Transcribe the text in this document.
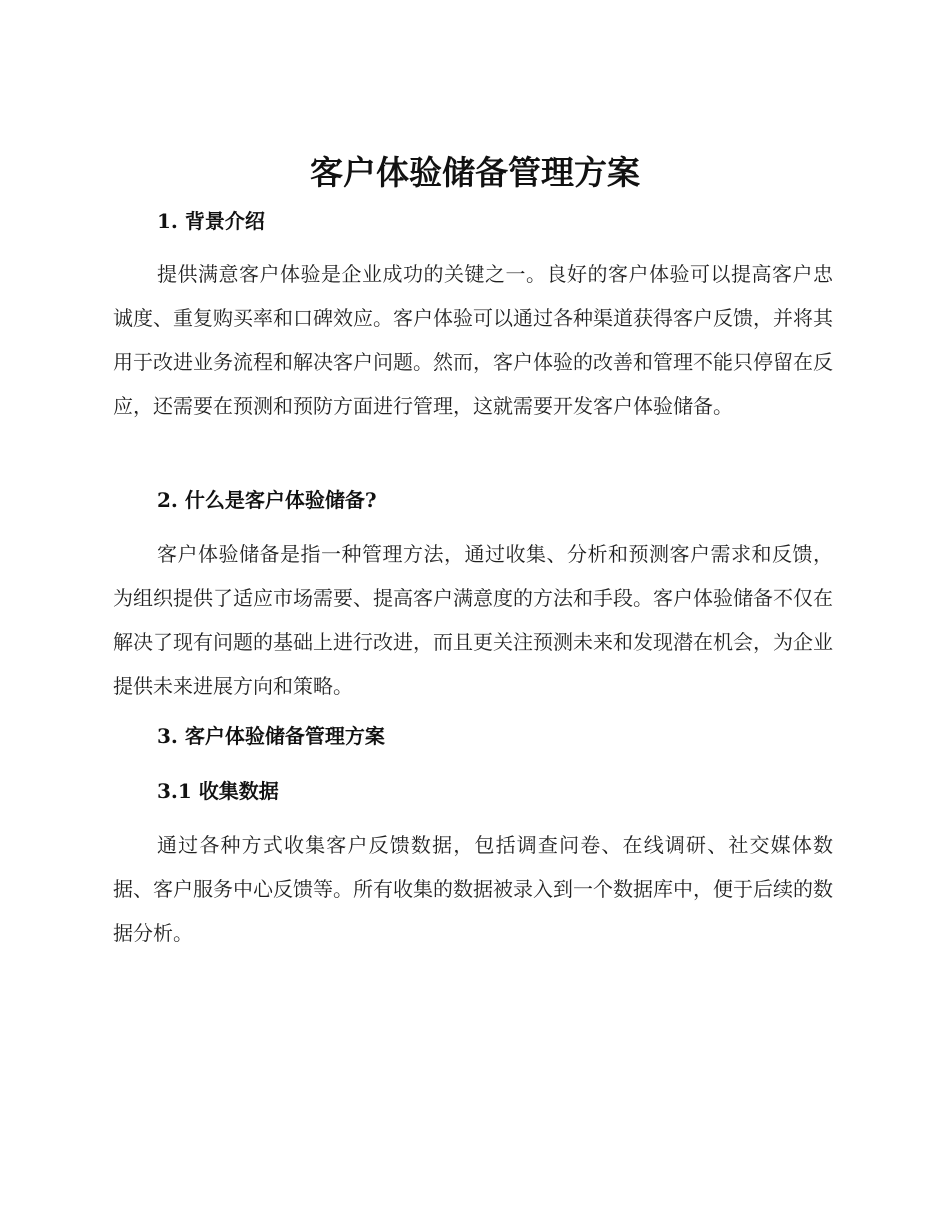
客户体验储备管理方案
1. 背景介绍

提供满意客户体验是企业成功的关键之一。良好的客户体验可以提高客户忠诚度、重复购买率和口碑效应。客户体验可以通过各种渠道获得客户反馈，并将其用于改进业务流程和解决客户问题。然而，客户体验的改善和管理不能只停留在反应，还需要在预测和预防方面进行管理，这就需要开发客户体验储备。

2. 什么是客户体验储备?

客户体验储备是指一种管理方法，通过收集、分析和预测客户需求和反馈，为组织提供了适应市场需要、提高客户满意度的方法和手段。客户体验储备不仅在解决了现有问题的基础上进行改进，而且更关注预测未来和发现潜在机会，为企业提供未来进展方向和策略。

3. 客户体验储备管理方案
3.1 收集数据

通过各种方式收集客户反馈数据，包括调查问卷、在线调研、社交媒体数据、客户服务中心反馈等。所有收集的数据被录入到一个数据库中，便于后续的数据分析。
